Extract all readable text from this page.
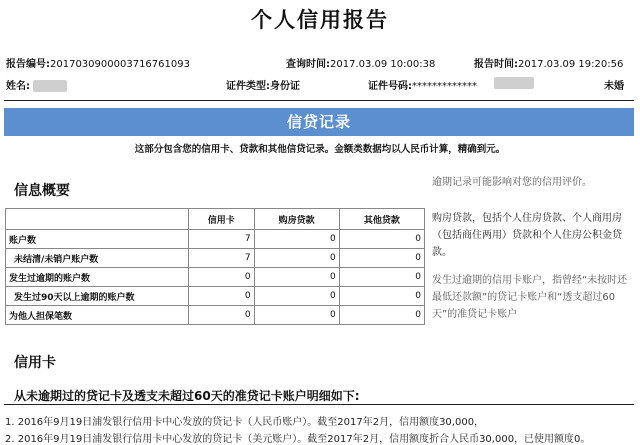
个人信用报告
报告编号:2017030900003716761093	查询时间:2017.03.09 10:00:38	报告时间:2017.03.09 19:20:56
姓名:	证件类型:身份证	证件号码:*************	未婚
信贷记录
这部分包含您的信用卡、贷款和其他信贷记录。金额类数据均以人民币计算，精确到元。
信息概要
	信用卡	购房贷款	其他贷款
账户数	7	0	0
未结清/未销户账户数	7	0	0
发生过逾期的账户数	0	0	0
发生过90天以上逾期的账户数	0	0	0
为他人担保笔数	0	0	0
逾期记录可能影响对您的信用评价。
购房贷款，包括个人住房贷款、个人商用房（包括商住两用）贷款和个人住房公积金贷款。
发生过逾期的信用卡账户，指曾经“未按时还最低还款额”的贷记卡账户和“透支超过60天”的准贷记卡账户
信用卡
从未逾期过的贷记卡及透支未超过60天的准贷记卡账户明细如下:
1. 2016年9月19日浦发银行信用卡中心发放的贷记卡（人民币账户）。截至2017年2月，信用额度30,000，
2. 2016年9月19日浦发银行信用卡中心发放的贷记卡（美元账户）。截至2017年2月，信用额度折合人民币30,000，已使用额度0。
